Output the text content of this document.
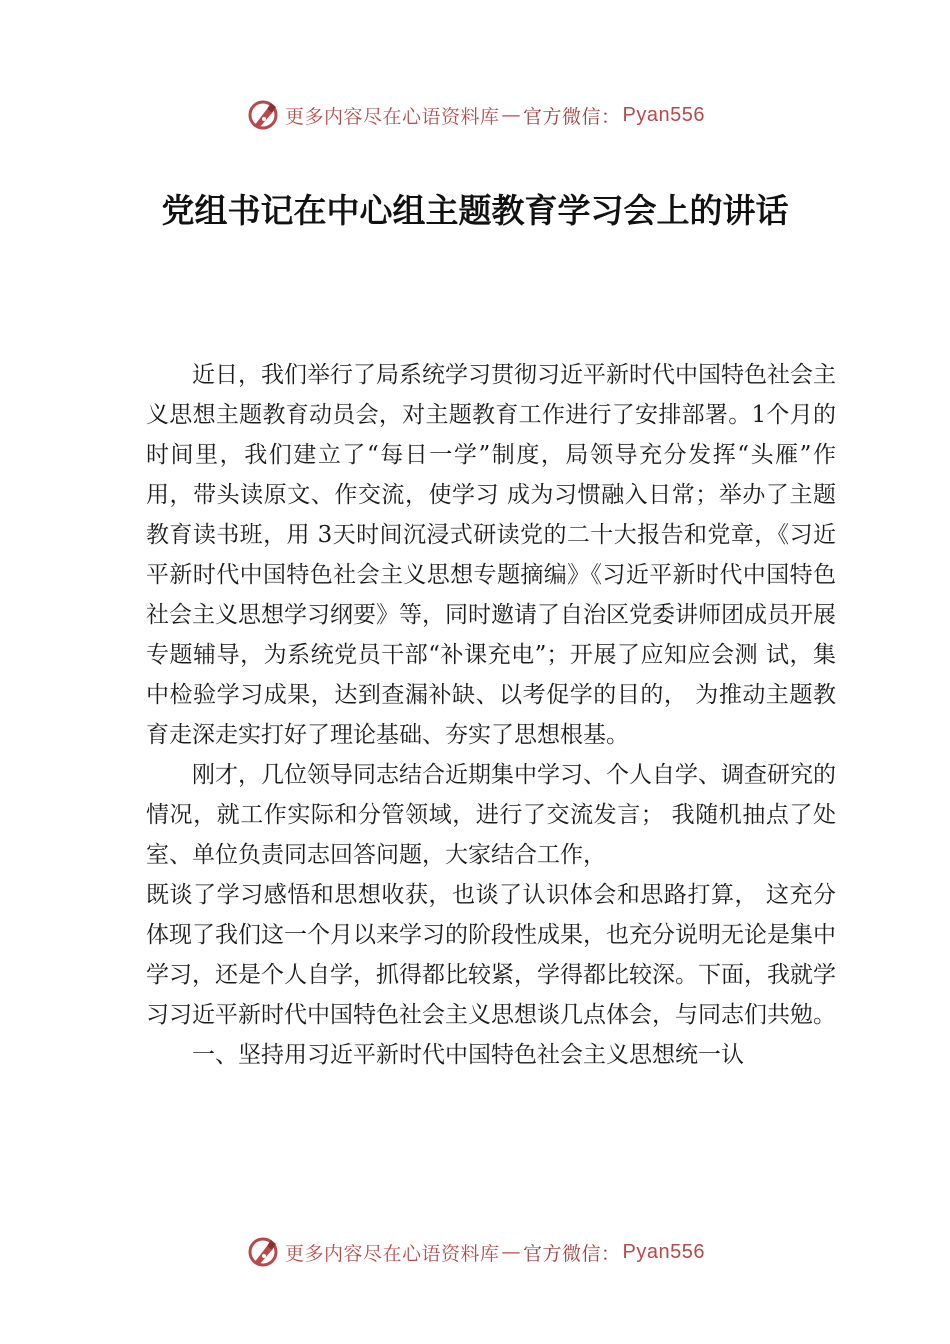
更多内容尽在心语资料库 — 官方微信： Pyan556
党组书记在中心组主题教育学习会上的讲话

近日，我们举行了局系统学习贯彻习近平新时代中国特色社会主义思想主题教育动员会，对主题教育工作进行了安排部署。1个月的时间里，我们建立了“每日一学”制度，局领导充分发挥“头雁”作用，带头读原文、作交流，使学习 成为习惯融入日常；举办了主题教育读书班，用 3天时间沉浸式研读党的二十大报告和党章，《习近平新时代中国特色社会主义思想专题摘编》《习近平新时代中国特色社会主义思想学习纲要》等，同时邀请了自治区党委讲师团成员开展 专题辅导，为系统党员干部“补课充电”；开展了应知应会测 试，集中检验学习成果，达到查漏补缺、以考促学的目的， 为推动主题教育走深走实打好了理论基础、夯实了思想根基。

刚才，几位领导同志结合近期集中学习、个人自学、调查研究的情况，就工作实际和分管领域，进行了交流发言； 我随机抽点了处室、单位负责同志回答问题，大家结合工作，
既谈了学习感悟和思想收获，也谈了认识体会和思路打算， 这充分体现了我们这一个月以来学习的阶段性成果，也充分说明无论是集中学习，还是个人自学，抓得都比较紧，学得都比较深。下面，我就学习习近平新时代中国特色社会主义思想谈几点体会，与同志们共勉。

一、坚持用习近平新时代中国特色社会主义思想统一认

更多内容尽在心语资料库 — 官方微信： Pyan556
